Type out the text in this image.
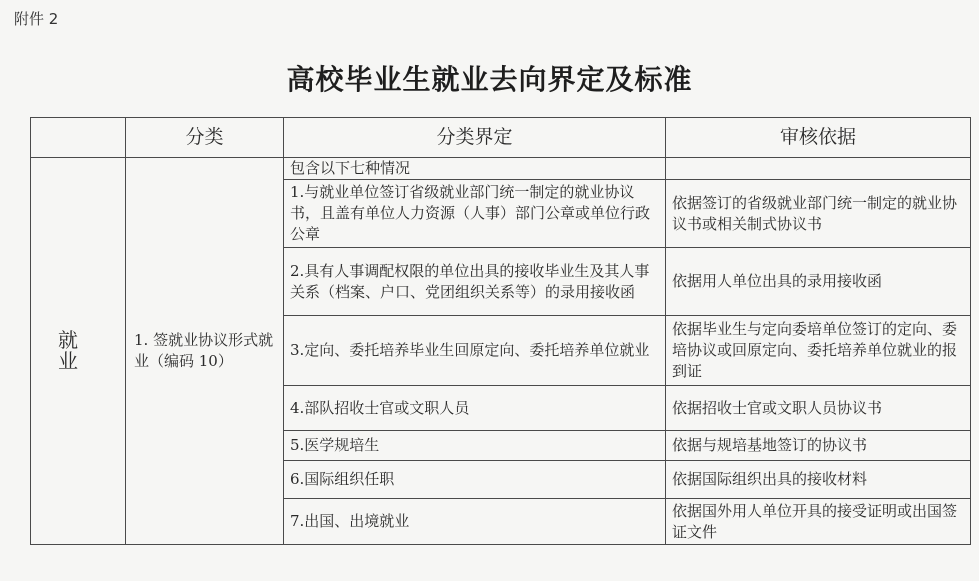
附件 2
高校毕业生就业去向界定及标准
	分类	分类界定	审核依据
就 业	1. 签就业协议形式就业（编码 10）	包含以下七种情况	
		1.与就业单位签订省级就业部门统一制定的就业协议书，且盖有单位人力资源（人事）部门公章或单位行政公章	依据签订的省级就业部门统一制定的就业协议书或相关制式协议书
		2.具有人事调配权限的单位出具的接收毕业生及其人事关系（档案、户口、党团组织关系等）的录用接收函	依据用人单位出具的录用接收函
		3.定向、委托培养毕业生回原定向、委托培养单位就业	依据毕业生与定向委培单位签订的定向、委培协议或回原定向、委托培养单位就业的报到证
		4.部队招收士官或文职人员	依据招收士官或文职人员协议书
		5.医学规培生	依据与规培基地签订的协议书
		6.国际组织任职	依据国际组织出具的接收材料
		7.出国、出境就业	依据国外用人单位开具的接受证明或出国签证文件
